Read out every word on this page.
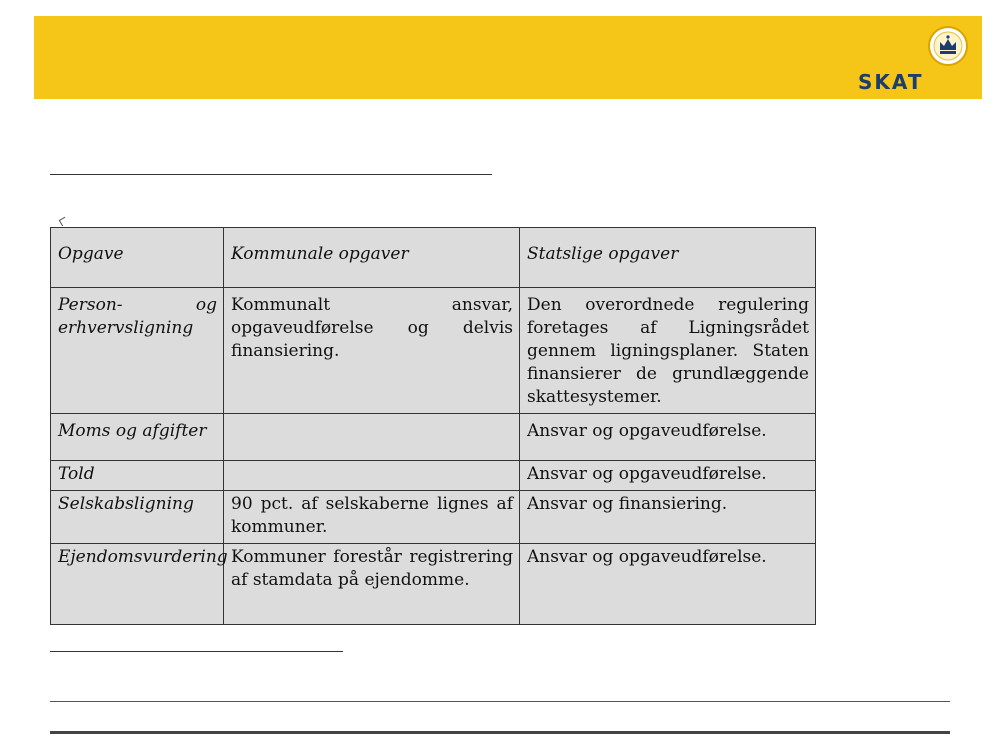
SKAT
Opgave	Kommunale opgaver	Statslige opgaver
Person- og erhvervsligning	Kommunalt ansvar, opgaveudførelse og delvis finansiering.	Den overordnede regulering foretages af Ligningsrådet gennem ligningsplaner. Staten finansierer de grundlæggende skattesystemer.
Moms og afgifter		Ansvar og opgaveudførelse.
Told		Ansvar og opgaveudførelse.
Selskabsligning	90 pct. af selskaberne lignes af kommuner.	Ansvar og finansiering.
Ejendomsvurdering	Kommuner forestår registrering af stamdata på ejendomme.	Ansvar og opgaveudførelse.
